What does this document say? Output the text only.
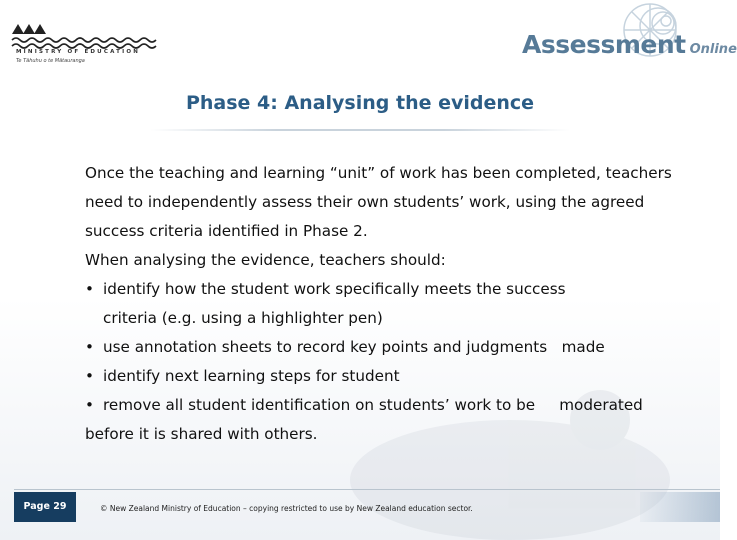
MINISTRY OF EDUCATION
Te Tāhuhu o te Mātauranga
Assessment Online
Phase 4: Analysing the evidence

Once the teaching and learning “unit” of work has been completed, teachers need to independently assess their own students’ work, using the agreed success criteria identified in Phase 2.

When analysing the evidence, teachers should:

• identify how the student work specifically meets the success
criteria (e.g. using a highlighter pen)
• use annotation sheets to record key points and judgments   made
• identify next learning steps for student
• remove all student identification on students’ work to be     moderated

before it is shared with others.

Page 29	© New Zealand Ministry of Education – copying restricted to use by New Zealand education sector.
